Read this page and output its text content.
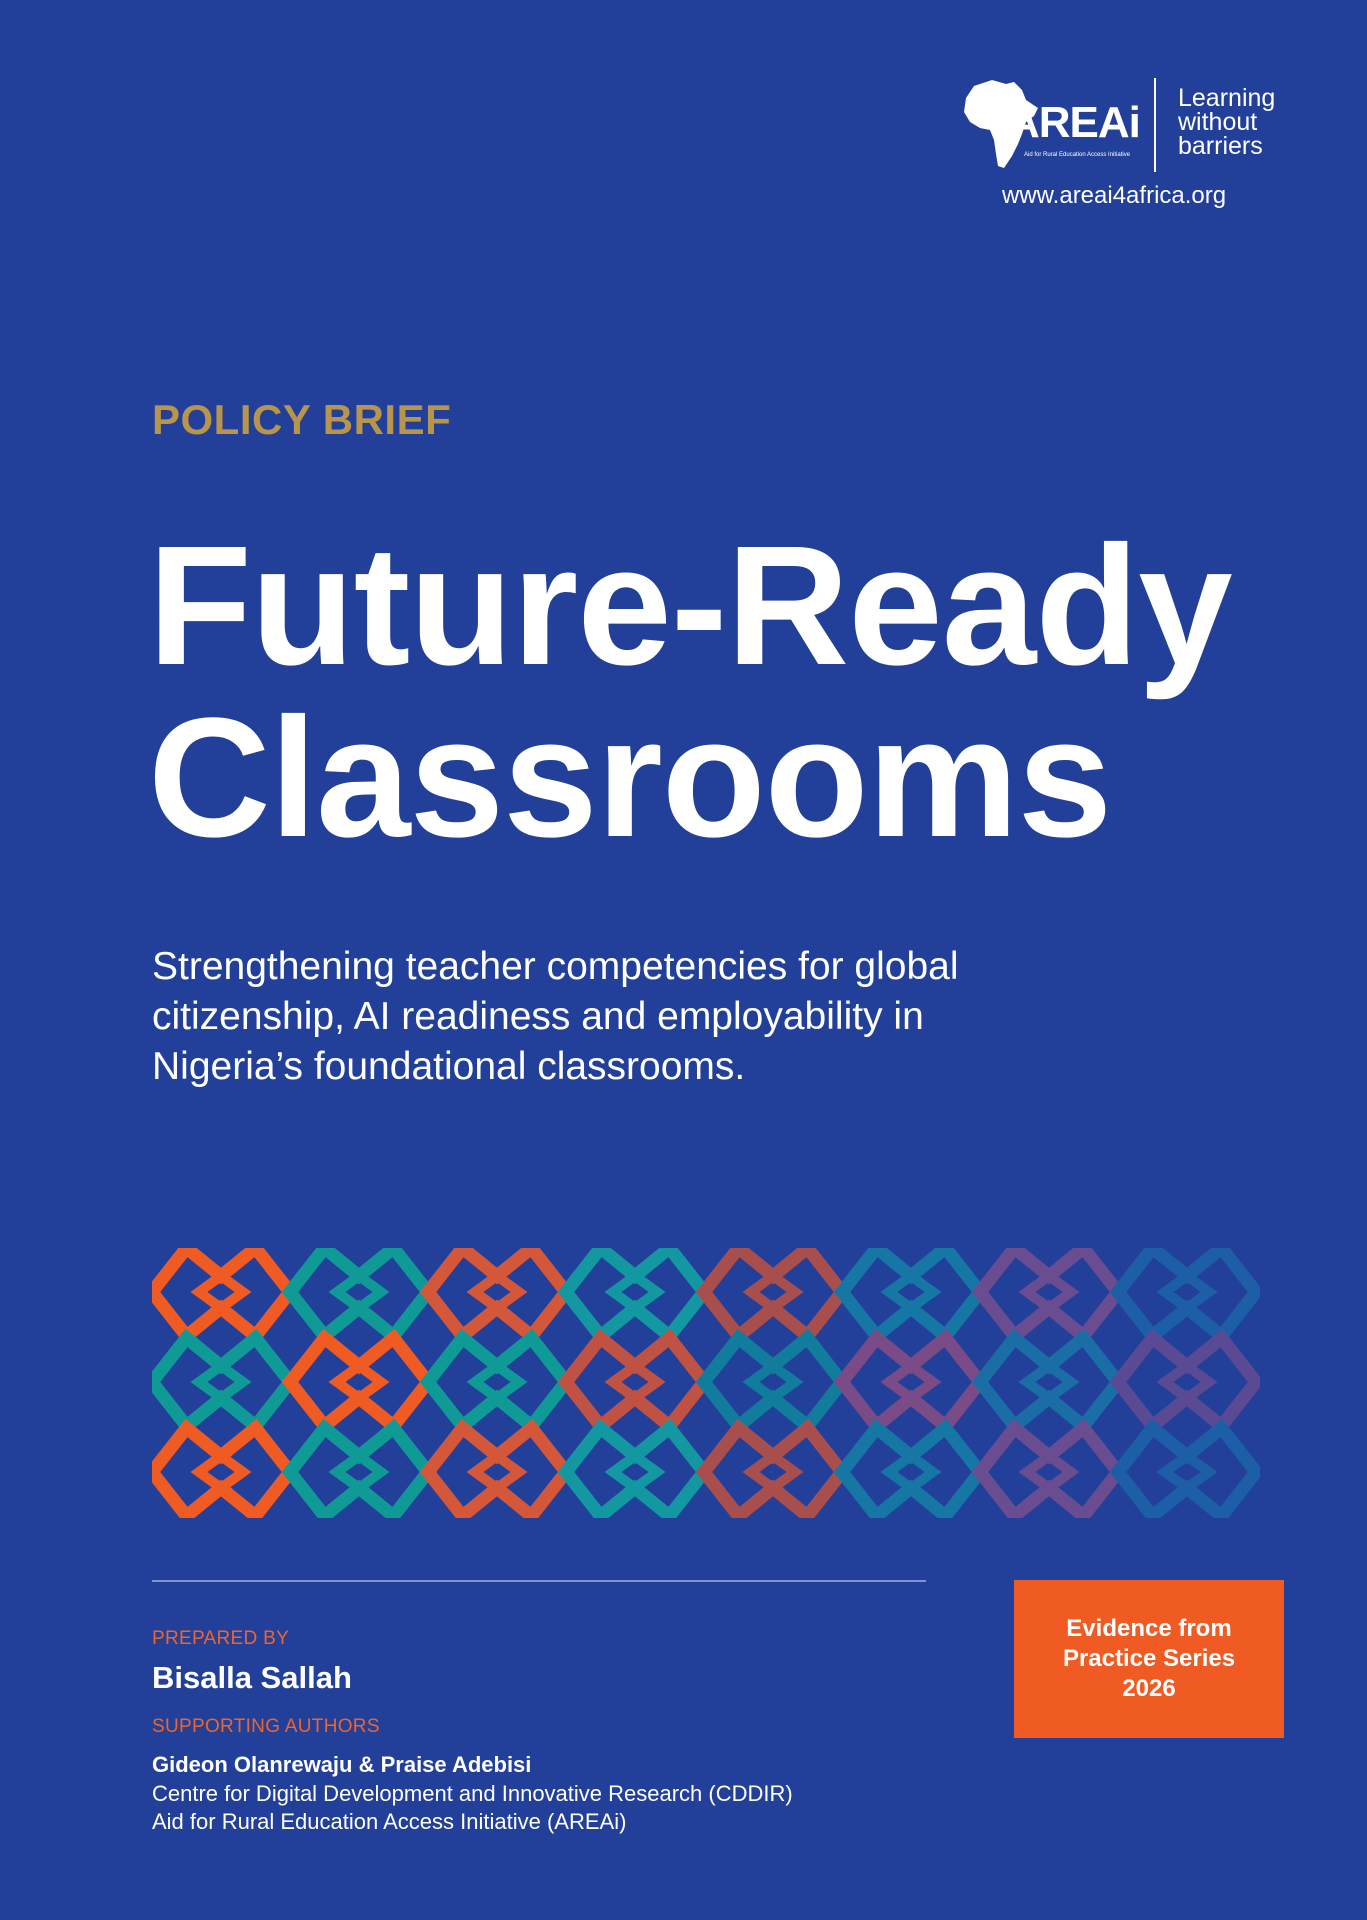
AREAi
Aid for Rural Education Access Initiative
Learning
without
barriers
www.areai4africa.org
POLICY BRIEF
Future-Ready
Classrooms
Strengthening teacher competencies for global
citizenship, AI readiness and employability in
Nigeria’s foundational classrooms.
PREPARED BY
Bisalla Sallah
SUPPORTING AUTHORS
Gideon Olanrewaju & Praise Adebisi
Centre for Digital Development and Innovative Research (CDDIR)
Aid for Rural Education Access Initiative (AREAi)
Evidence from
Practice Series
2026
